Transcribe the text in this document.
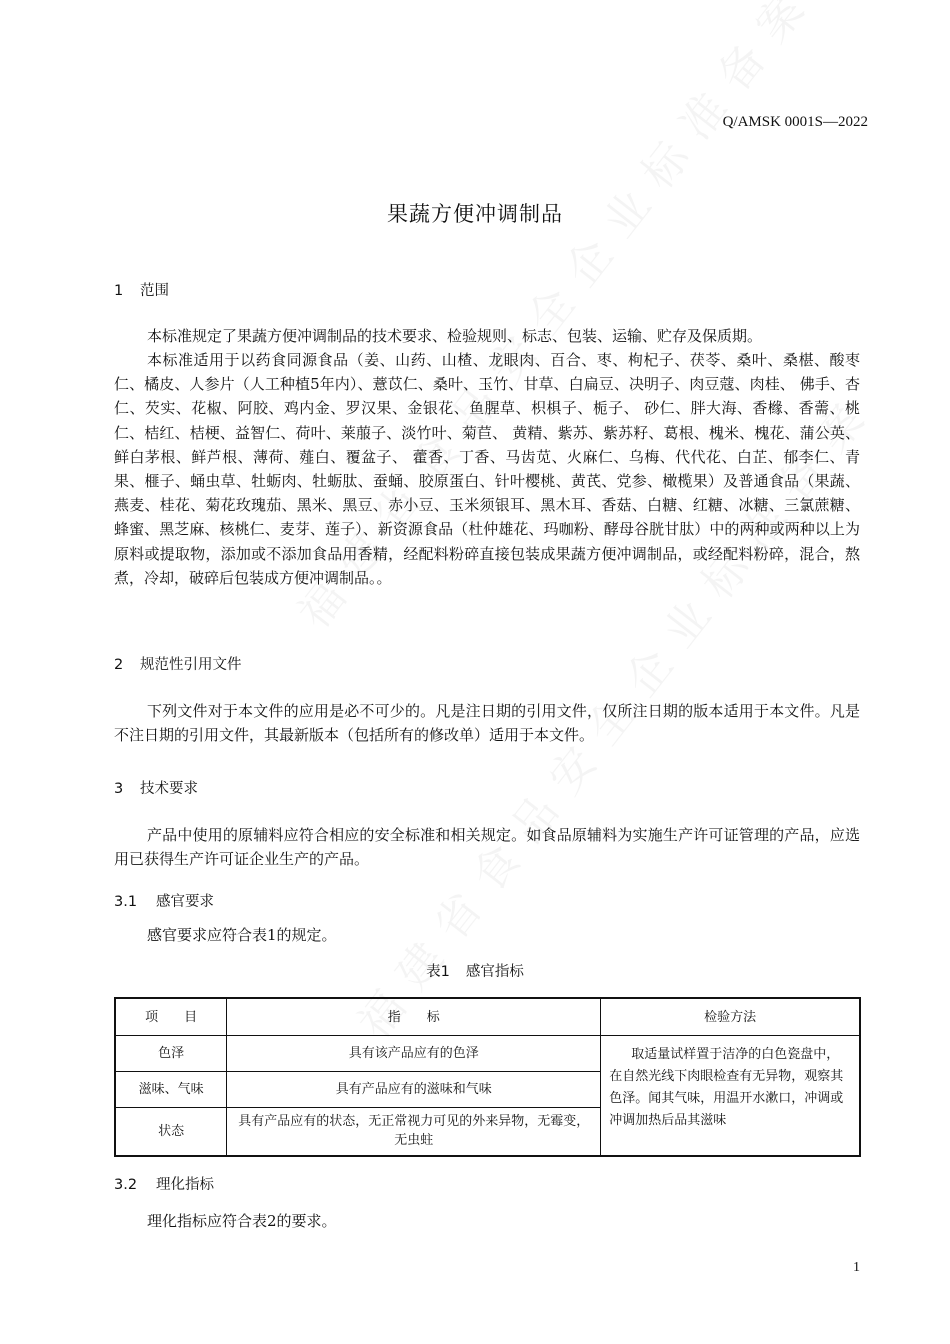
Q/AMSK 0001S—2022
果蔬方便冲调制品
1 范围

本标准规定了果蔬方便冲调制品的技术要求、检验规则、标志、包装、运输、贮存及保质期。

本标准适用于以药食同源食品（姜、山药、山楂、龙眼肉、百合、枣、枸杞子、茯苓、桑叶、桑椹、酸枣仁、橘皮、人参片（人工种植5年内）、薏苡仁、桑叶、玉竹、甘草、白扁豆、决明子、肉豆蔻、肉桂、 佛手、杏仁、芡实、花椒、阿胶、鸡内金、罗汉果、金银花、鱼腥草、枳椇子、栀子、 砂仁、胖大海、香橼、香薷、桃仁、桔红、桔梗、益智仁、荷叶、莱菔子、淡竹叶、菊苣、 黄精、紫苏、紫苏籽、葛根、槐米、槐花、蒲公英、鲜白茅根、鲜芦根、薄荷、薤白、覆盆子、 藿香、丁香、马齿苋、火麻仁、乌梅、代代花、白芷、郁李仁、青果、榧子、蛹虫草、牡蛎肉、牡蛎肽、蚕蛹、胶原蛋白、针叶樱桃、黄芪、党参、橄榄果）及普通食品（果蔬、燕麦、桂花、菊花玫瑰茄、黑米、黑豆、赤小豆、玉米须银耳、黑木耳、香菇、白糖、红糖、冰糖、三氯蔗糖、蜂蜜、黑芝麻、核桃仁、麦芽、莲子）、新资源食品（杜仲雄花、玛咖粉、酵母谷胱甘肽）中的两种或两种以上为原料或提取物，添加或不添加食品用香精，经配料粉碎直接包装成果蔬方便冲调制品，或经配料粉碎，混合，熬煮，冷却，破碎后包装成方便冲调制品。。

2 规范性引用文件

下列文件对于本文件的应用是必不可少的。凡是注日期的引用文件，仅所注日期的版本适用于本文件。凡是不注日期的引用文件，其最新版本（包括所有的修改单）适用于本文件。

3 技术要求

产品中使用的原辅料应符合相应的安全标准和相关规定。如食品原辅料为实施生产许可证管理的产品，应选用已获得生产许可证企业生产的产品。

3.1 感官要求

感官要求应符合表1的规定。

表1 感官指标
项　　目	指　　标	检验方法
色泽	具有该产品应有的色泽	取适量试样置于洁净的白色瓷盘中，在自然光线下肉眼检查有无异物，观察其色泽。闻其气味，用温开水漱口，冲调或冲调加热后品其滋味
滋味、气味	具有产品应有的滋味和气味	
状态	具有产品应有的状态，无正常视力可见的外来异物，无霉变，无虫蛀	
3.2 理化指标

理化指标应符合表2的要求。

1
